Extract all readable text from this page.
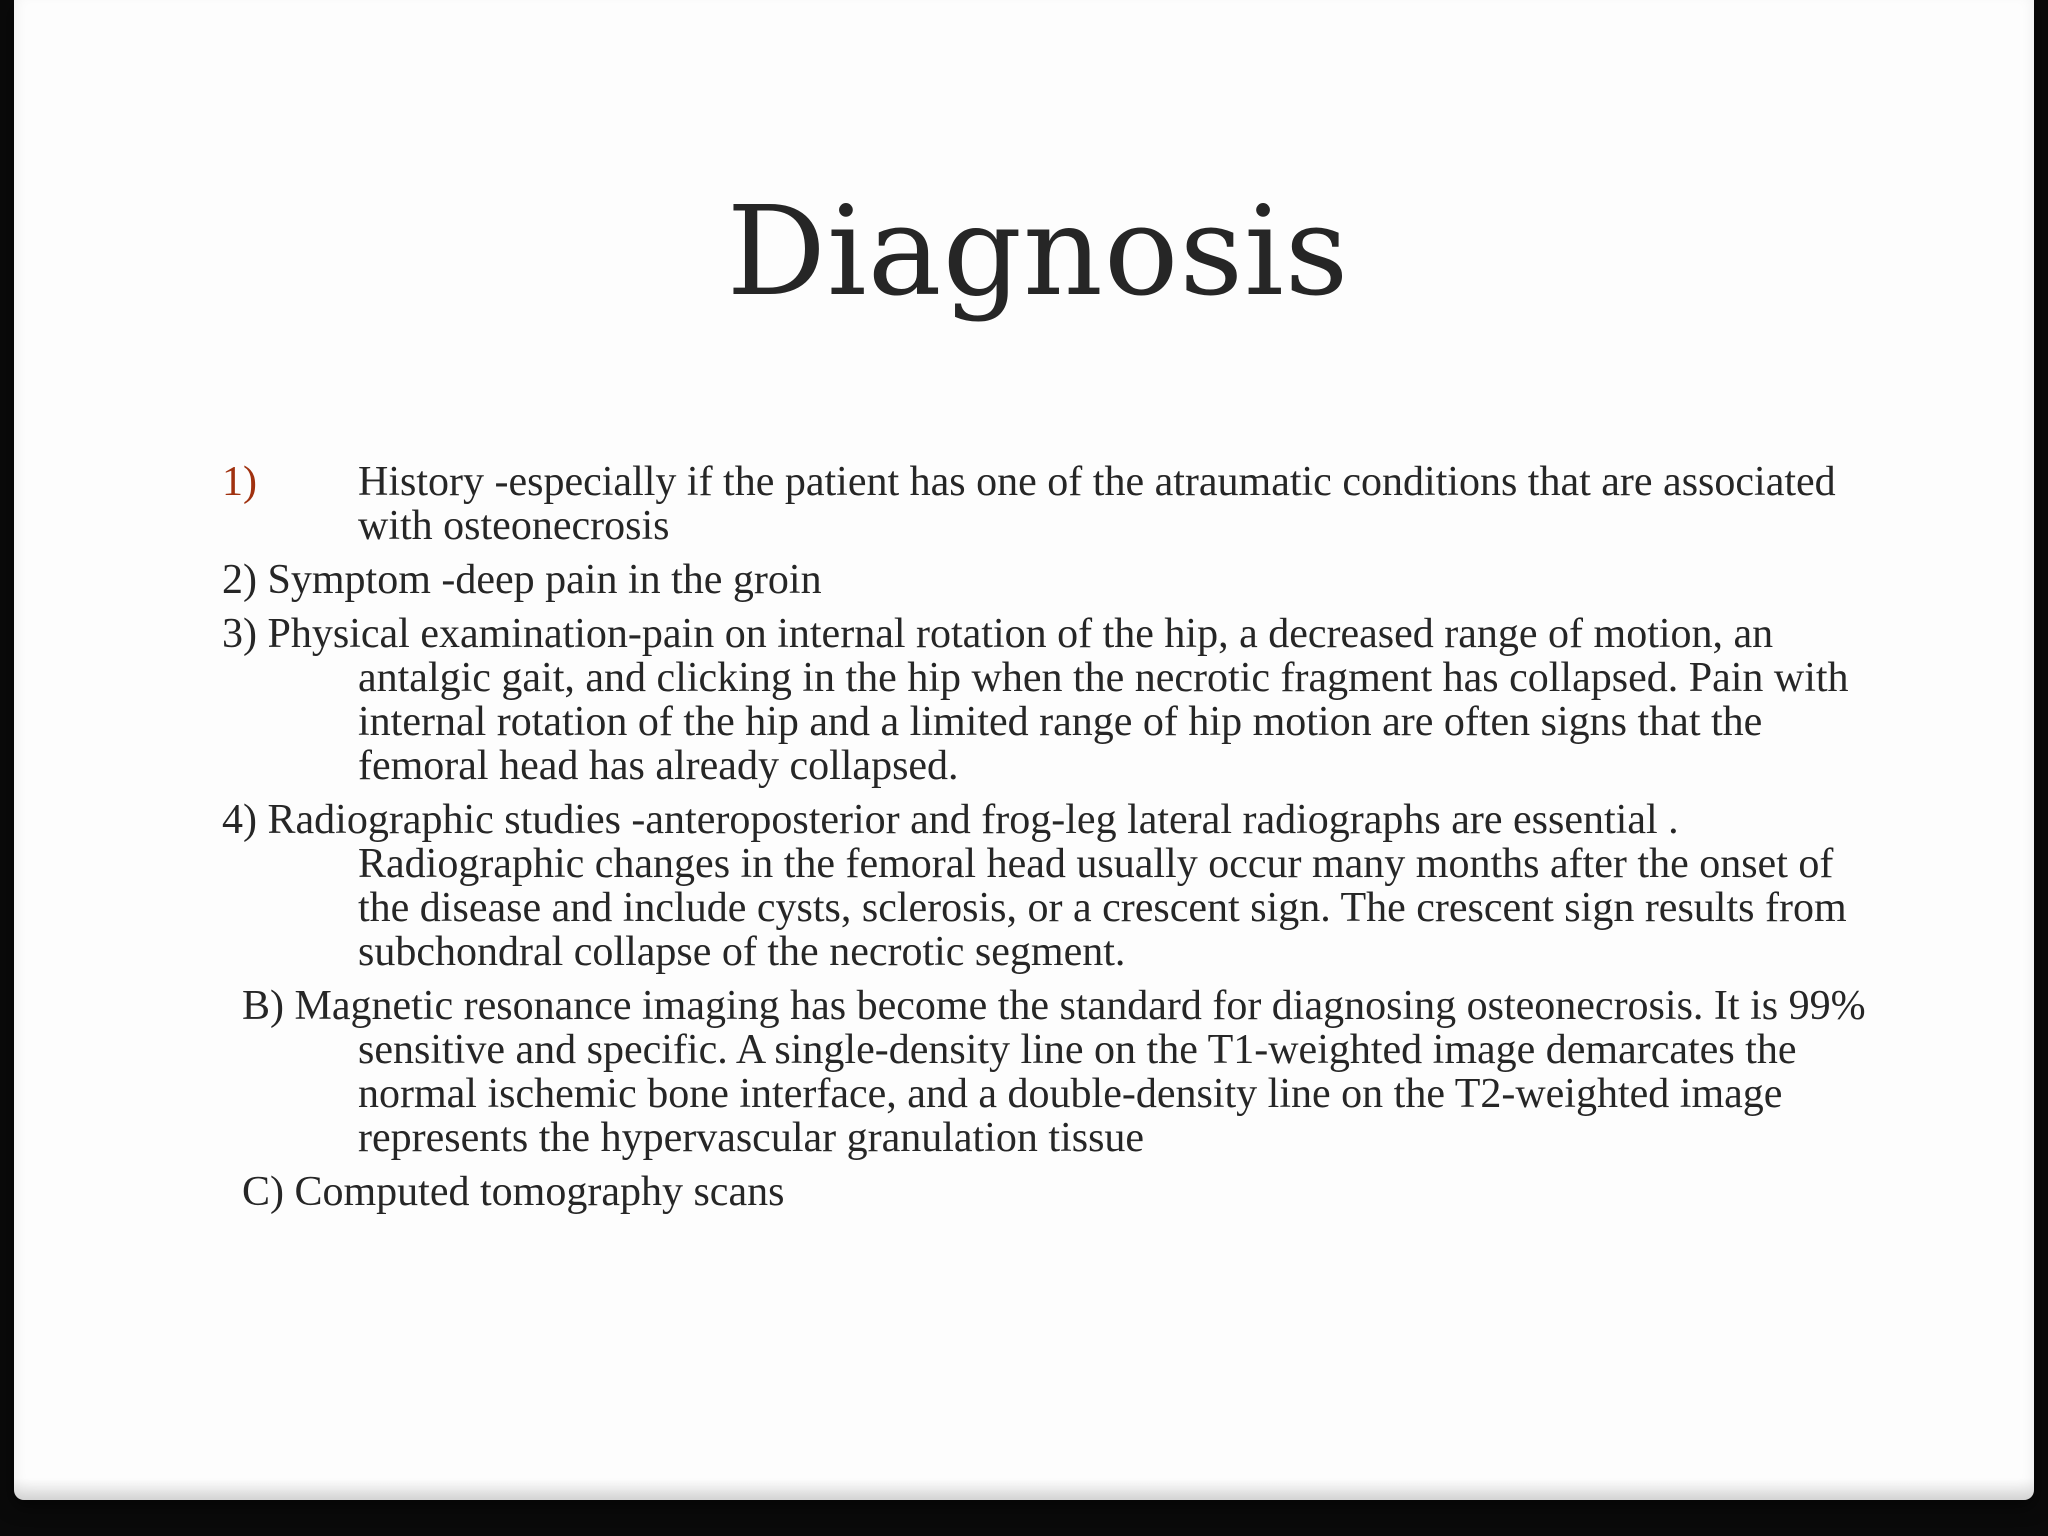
Diagnosis

1) History -especially if the patient has one of the atraumatic conditions that are associated with osteonecrosis

2) Symptom -deep pain in the groin

3) Physical examination-pain on internal rotation of the hip, a decreased range of motion, an antalgic gait, and clicking in the hip when the necrotic fragment has collapsed. Pain with internal rotation of the hip and a limited range of hip motion are often signs that the femoral head has already collapsed.

4) Radiographic studies -anteroposterior and frog-leg lateral radiographs are essential . Radiographic changes in the femoral head usually occur many months after the onset of the disease and include cysts, sclerosis, or a crescent sign. The crescent sign results from subchondral collapse of the necrotic segment.

B) Magnetic resonance imaging has become the standard for diagnosing osteonecrosis. It is 99% sensitive and specific. A single-density line on the T1-weighted image demarcates the normal ischemic bone interface, and a double-density line on the T2-weighted image represents the hypervascular granulation tissue

C) Computed tomography scans
